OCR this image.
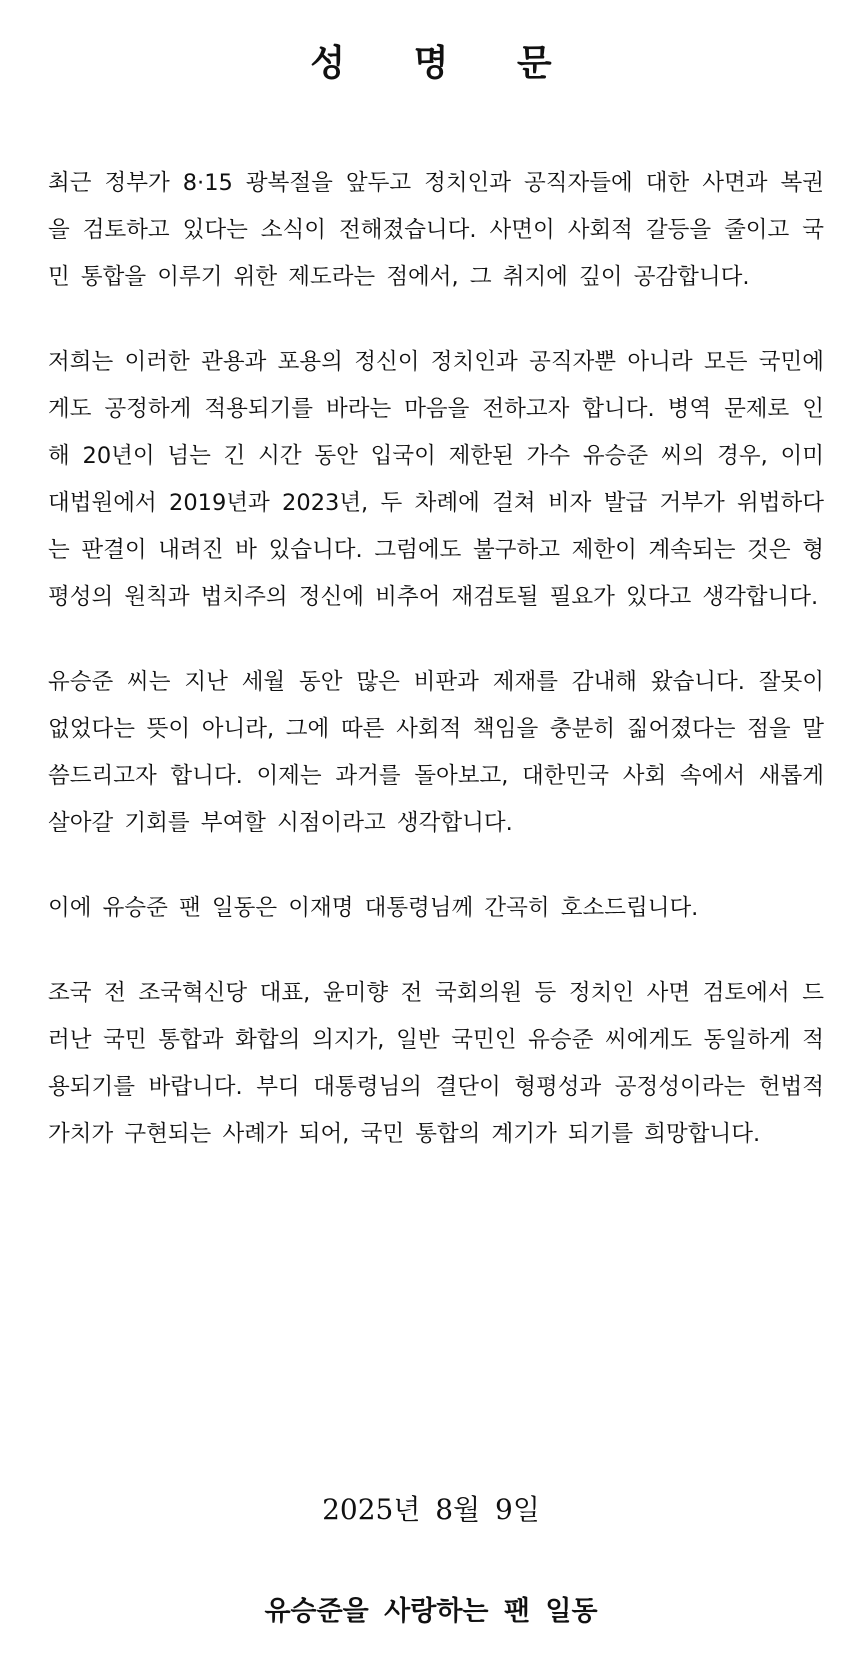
성 명 문

최근 정부가 8·15 광복절을 앞두고 정치인과 공직자들에 대한 사면과 복권을 검토하고 있다는 소식이 전해졌습니다. 사면이 사회적 갈등을 줄이고 국민 통합을 이루기 위한 제도라는 점에서, 그 취지에 깊이 공감합니다.

저희는 이러한 관용과 포용의 정신이 정치인과 공직자뿐 아니라 모든 국민에게도 공정하게 적용되기를 바라는 마음을 전하고자 합니다. 병역 문제로 인해 20년이 넘는 긴 시간 동안 입국이 제한된 가수 유승준 씨의 경우, 이미 대법원에서 2019년과 2023년, 두 차례에 걸쳐 비자 발급 거부가 위법하다는 판결이 내려진 바 있습니다. 그럼에도 불구하고 제한이 계속되는 것은 형평성의 원칙과 법치주의 정신에 비추어 재검토될 필요가 있다고 생각합니다.

유승준 씨는 지난 세월 동안 많은 비판과 제재를 감내해 왔습니다. 잘못이 없었다는 뜻이 아니라, 그에 따른 사회적 책임을 충분히 짊어졌다는 점을 말씀드리고자 합니다. 이제는 과거를 돌아보고, 대한민국 사회 속에서 새롭게 살아갈 기회를 부여할 시점이라고 생각합니다.

이에 유승준 팬 일동은 이재명 대통령님께 간곡히 호소드립니다.

조국 전 조국혁신당 대표, 윤미향 전 국회의원 등 정치인 사면 검토에서 드러난 국민 통합과 화합의 의지가, 일반 국민인 유승준 씨에게도 동일하게 적용되기를 바랍니다. 부디 대통령님의 결단이 형평성과 공정성이라는 헌법적 가치가 구현되는 사례가 되어, 국민 통합의 계기가 되기를 희망합니다.

2025년 8월 9일
유승준을 사랑하는 팬 일동
